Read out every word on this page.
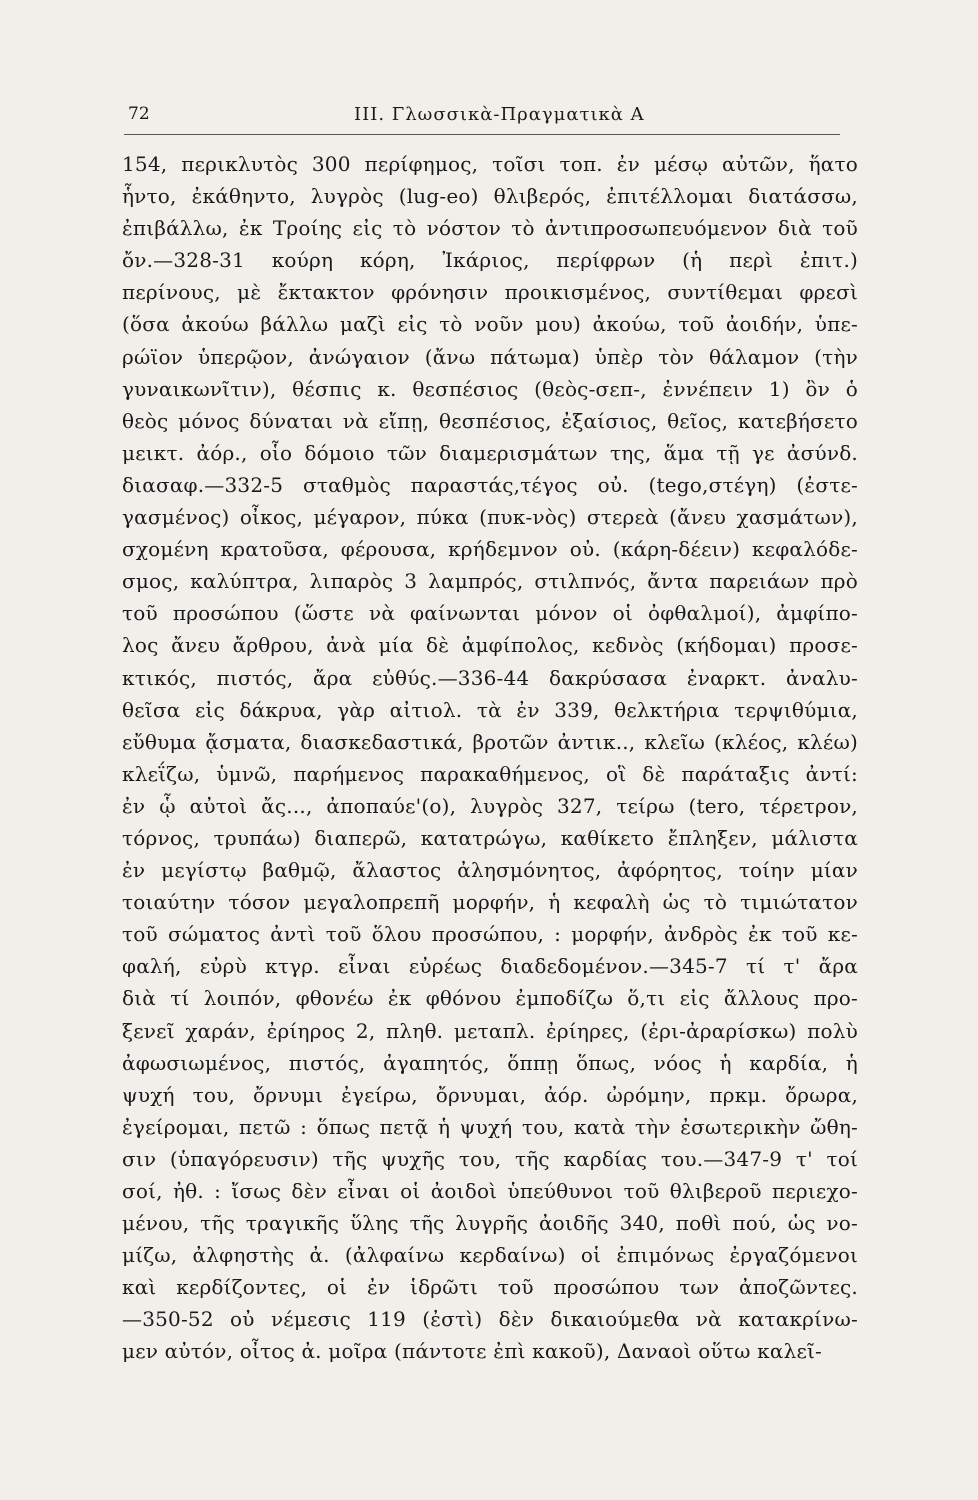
72	ΙΙΙ. Γλωσσικὰ-Πραγματικὰ Α
154, περικλυτὸς 300 περίφημος, τοῖσι τοπ. ἐν μέσῳ αὐτῶν, ἥατο
ἧντο, ἐκάθηντο, λυγρὸς (lug-eo) θλιβερός, ἐπιτέλλομαι διατάσσω,
ἐπιβάλλω, ἐκ Τροίης εἰς τὸ νόστον τὸ ἀντιπροσωπευόμενον διὰ τοῦ
ὄν.—328-31 κούρη κόρη, Ἰκάριος, περίφρων (ἡ περὶ ἐπιτ.)
περίνους, μὲ ἔκτακτον φρόνησιν προικισμένος, συντίθεμαι φρεσὶ
(ὅσα ἀκούω βάλλω μαζὶ εἰς τὸ νοῦν μου) ἀκούω, τοῦ ἀοιδήν, ὑπε-
ρώϊον ὑπερῷον, ἀνώγαιον (ἄνω πάτωμα) ὑπὲρ τὸν θάλαμον (τὴν
γυναικωνῖτιν), θέσπις κ. θεσπέσιος (θεὸς-σεπ-, ἐννέπειν 1) ὃν ὁ
θεὸς μόνος δύναται νὰ εἴπῃ, θεσπέσιος, ἐξαίσιος, θεῖος, κατεβήσετο
μεικτ. ἀόρ., οἷο δόμοιο τῶν διαμερισμάτων της, ἅμα τῇ γε ἀσύνδ.
διασαφ.—332-5 σταθμὸς παραστάς,τέγος οὐ. (tego,στέγη) (ἐστε-
γασμένος) οἶκος, μέγαρον, πύκα (πυκ-νὸς) στερεὰ (ἄνευ χασμάτων),
σχομένη κρατοῦσα, φέρουσα, κρήδεμνον οὐ. (κάρη-δέειν) κεφαλόδε-
σμος, καλύπτρα, λιπαρὸς 3 λαμπρός, στιλπνός, ἄντα παρειάων πρὸ
τοῦ προσώπου (ὥστε νὰ φαίνωνται μόνον οἱ ὀφθαλμοί), ἀμφίπο-
λος ἄνευ ἄρθρου, ἀνὰ μία δὲ ἀμφίπολος, κεδνὸς (κήδομαι) προσε-
κτικός, πιστός, ἄρα εὐθύς.—336-44 δακρύσασα ἐναρκτ. ἀναλυ-
θεῖσα εἰς δάκρυα, γὰρ αἰτιολ. τὰ ἐν 339, θελκτήρια τερψιθύμια,
εὔθυμα ᾄσματα, διασκεδαστικά, βροτῶν ἀντικ.., κλεῖω (κλέος, κλέω)
κλεΐζω, ὑμνῶ, παρήμενος παρακαθήμενος, οἳ δὲ παράταξις ἀντί:
ἐν ᾧ αὐτοὶ ἄς..., ἀποπαύε'(ο), λυγρὸς 327, τείρω (tero, τέρετρον,
τόρνος, τρυπάω) διαπερῶ, κατατρώγω, καθίκετο ἔπληξεν, μάλιστα
ἐν μεγίστῳ βαθμῷ, ἄλαστος ἀλησμόνητος, ἀφόρητος, τοίην μίαν
τοιαύτην τόσον μεγαλοπρεπῆ μορφήν, ἡ κεφαλὴ ὡς τὸ τιμιώτατον
τοῦ σώματος ἀντὶ τοῦ ὅλου προσώπου, : μορφήν, ἀνδρὸς ἐκ τοῦ κε-
φαλή, εὐρὺ κτγρ. εἶναι εὐρέως διαδεδομένον.—345-7 τί τ' ἄρα
διὰ τί λοιπόν, φθονέω ἐκ φθόνου ἐμποδίζω ὅ,τι εἰς ἄλλους προ-
ξενεῖ χαράν, ἐρίηρος 2, πληθ. μεταπλ. ἐρίηρες, (ἐρι-ἀραρίσκω) πολὺ
ἀφωσιωμένος, πιστός, ἀγαπητός, ὅππῃ ὅπως, νόος ἡ καρδία, ἡ
ψυχή του, ὄρνυμι ἐγείρω, ὄρνυμαι, ἀόρ. ὠρόμην, πρκμ. ὄρωρα,
ἐγείρομαι, πετῶ : ὅπως πετᾷ ἡ ψυχή του, κατὰ τὴν ἐσωτερικὴν ὤθη-
σιν (ὑπαγόρευσιν) τῆς ψυχῆς του, τῆς καρδίας του.—347-9 τ' τοί
σοί, ἠθ. : ἴσως δὲν εἶναι οἱ ἀοιδοὶ ὑπεύθυνοι τοῦ θλιβεροῦ περιεχο-
μένου, τῆς τραγικῆς ὕλης τῆς λυγρῆς ἀοιδῆς 340, ποθὶ πού, ὡς νο-
μίζω, ἀλφηστὴς ἀ. (ἀλφαίνω κερδαίνω) οἱ ἐπιμόνως ἐργαζόμενοι
καὶ κερδίζοντες, οἱ ἐν ἱδρῶτι τοῦ προσώπου των ἀποζῶντες.
—350-52 οὐ νέμεσις 119 (ἐστὶ) δὲν δικαιούμεθα νὰ κατακρίνω-
μεν αὐτόν, οἶτος ἀ. μοῖρα (πάντοτε ἐπὶ κακοῦ), Δαναοὶ οὕτω καλεῖ-
